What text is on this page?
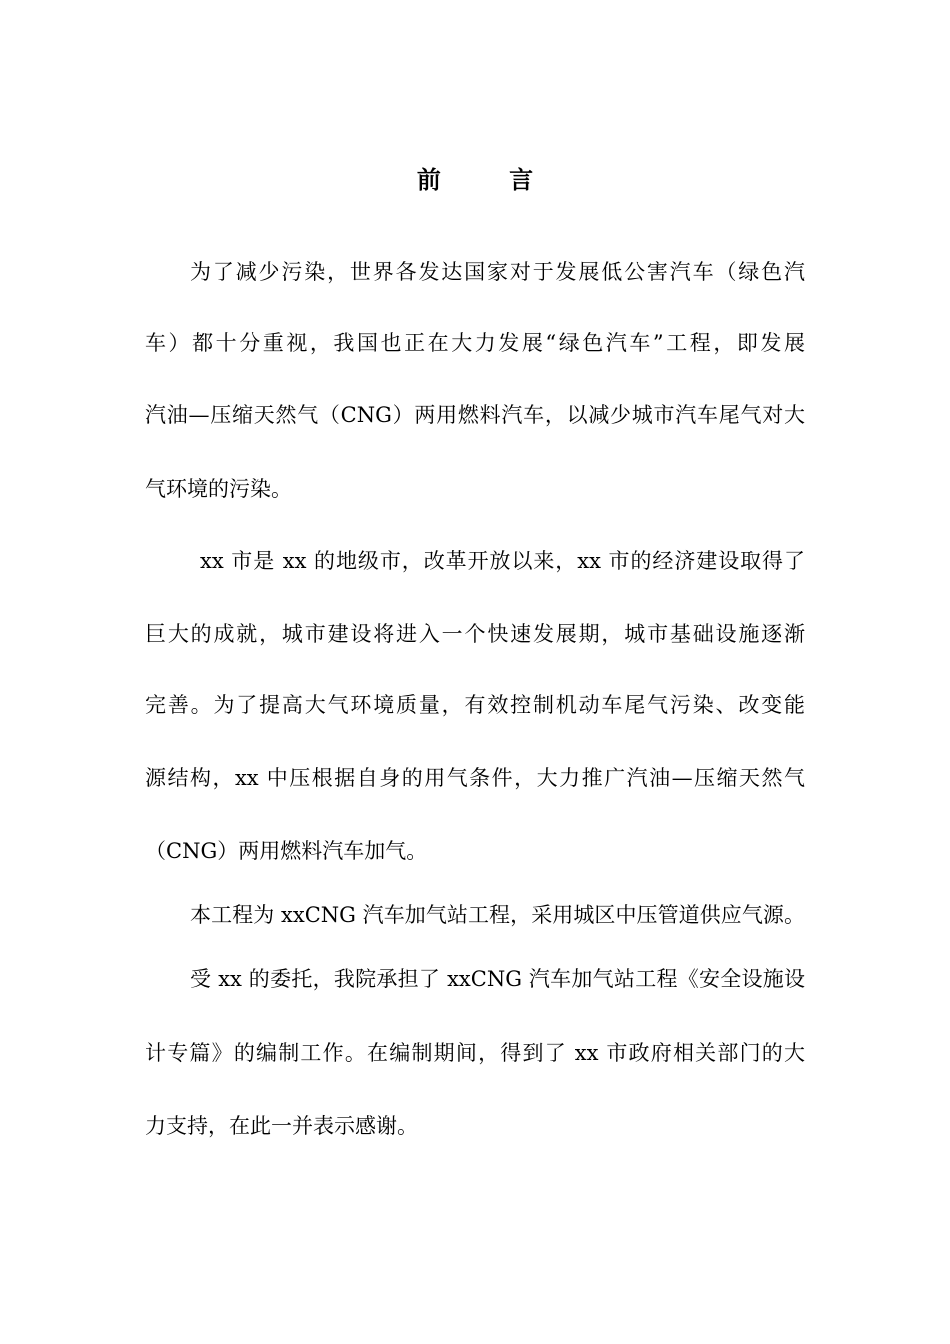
前 言
为了减少污染，世界各发达国家对于发展低公害汽车（绿色汽
车）都十分重视，我国也正在大力发展“绿色汽车”工程，即发展
汽油—压缩天然气（CNG）两用燃料汽车，以减少城市汽车尾气对大
气环境的污染。
xx 市是 xx 的地级市，改革开放以来，xx 市的经济建设取得了
巨大的成就，城市建设将进入一个快速发展期，城市基础设施逐渐
完善。为了提高大气环境质量，有效控制机动车尾气污染、改变能
源结构，xx 中压根据自身的用气条件，大力推广汽油—压缩天然气
（CNG）两用燃料汽车加气。
本工程为 xxCNG 汽车加气站工程，采用城区中压管道供应气源。
受 xx 的委托，我院承担了 xxCNG 汽车加气站工程《安全设施设
计专篇》的编制工作。在编制期间，得到了 xx 市政府相关部门的大
力支持，在此一并表示感谢。
